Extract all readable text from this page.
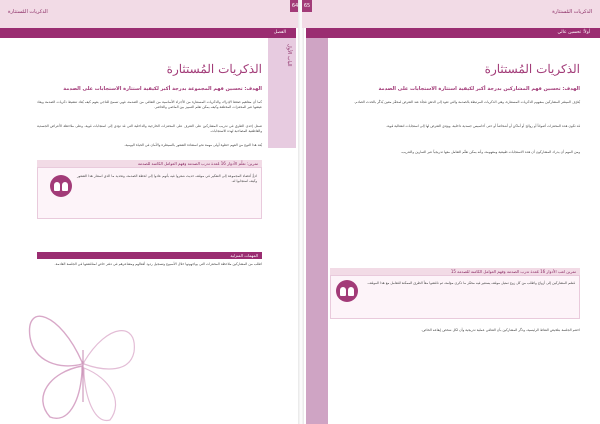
الذكريات المُستثارة
64
الفصل
الباب الأول
الذكريات المُستثارة
الهدف: تحسين فهم المجموعة بدرجة أكبر لكيفية استثارة الاستجابات على الصدمة
كما أن مفاهيم ضغط الإدراك والذكريات المستثارة من الأجزاء الأساسية من التعافي من الصدمة، فهي تسمح للناجي بفهم كيف يُعاد تنشيط ذكريات الصدمة ويعاد عيشها عبر المحفزات المختلفة وكيف يمكن تعلم التمييز بين الماضي والحاضر.
تتمثل إحدى الطرق في تدريب المشاركين على التعرف على المحفزات الخارجية والداخلية التي قد تؤدي إلى استجابات قوية، وعلى ملاحظة الأعراض الجسدية والعاطفية المصاحبة لهذه الاستجابات.
يُعد هذا النوع من الفهم خطوة أولى مهمة نحو استعادة الشعور بالسيطرة والأمان في الحياة اليومية.
تمرين: تعلّم الأدوار 16 مُعدة تدرب الصدمة وفهم العوامل الكامنة للصدمة
ادعُ أعضاء المجموعة إلى التفكير في موقف حديث شعروا فيه بأنهم عادوا إلى لحظة الصدمة، وتحديد ما الذي استثار هذا الشعور وكيف استجابوا له.
المهمات المنزلية
اطلب من المشاركين ملاحظة المحفزات التي يواجهونها خلال الأسبوع وتسجيل ردود أفعالهم ومشاعرهم في دفتر خاص لمناقشتها في الجلسة القادمة.
الذكريات المُستثارة
65
أولاً: تحسين عالي
الذكريات المُستثارة
الهدف: تحسين فهم المشاركين بدرجة أكبر لكيفية استثارة الاستجابات على الصدمة
يُعرّف الميسّر المشاركين بمفهوم الذكريات المستثارة، وهي الذكريات المرتبطة بالصدمة والتي تعود إلى الذهن فجأة عند التعرض لمحفّز معين يُذكّر بالحدث الصادم.
قد تكون هذه المحفزات أصواتاً أو روائح أو أماكن أو أشخاصاً أو حتى أحاسيس جسدية داخلية، ويؤدي التعرض لها إلى استجابات انفعالية قوية.
ومن المهم أن يدرك المشاركون أن هذه الاستجابات طبيعية ومفهومة، وأنه يمكن تعلّم التعامل معها تدريجياً عبر التمارين والتدريب.
تمرين لعب الأدوار 16 مُعدة تدرب الصدمة وفهم العوامل الكامنة للصدمة 15
قسّم المشاركين إلى أزواج واطلب من كل زوج تمثيل موقف يستثير فيه محفّز ما ذكرى مؤلمة، ثم ناقشوا معاً الطرق الممكنة للتعامل مع هذا الموقف.
اختتم الجلسة بتلخيص النقاط الرئيسية، وذكّر المشاركين بأن التعافي عملية تدريجية وأن لكل شخص إيقاعه الخاص.
